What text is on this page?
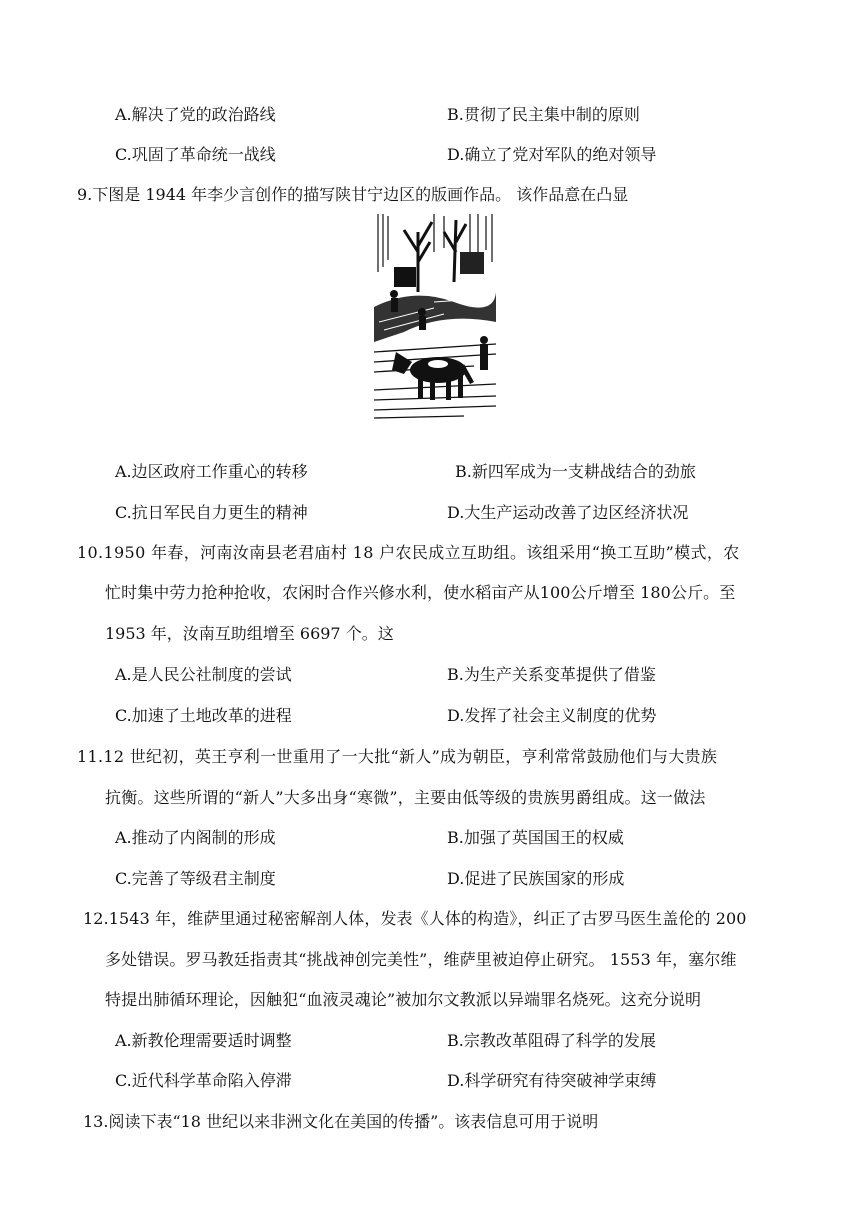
A.解决了党的政治路线	B.贯彻了民主集中制的原则
C.巩固了革命统一战线	D.确立了党对军队的绝对领导
9.下图是 1944 年李少言创作的描写陕甘宁边区的版画作品。 该作品意在凸显
A.边区政府工作重心的转移	B.新四军成为一支耕战结合的劲旅
C.抗日军民自力更生的精神	D.大生产运动改善了边区经济状况
10.1950 年春，河南汝南县老君庙村 18 户农民成立互助组。该组采用“换工互助”模式，农
忙时集中劳力抢种抢收，农闲时合作兴修水利，使水稻亩产从100公斤增至 180公斤。至
1953 年，汝南互助组增至 6697 个。这
A.是人民公社制度的尝试	B.为生产关系变革提供了借鉴
C.加速了土地改革的进程	D.发挥了社会主义制度的优势
11.12 世纪初，英王亨利一世重用了一大批“新人”成为朝臣，亨利常常鼓励他们与大贵族
抗衡。这些所谓的“新人”大多出身“寒微”，主要由低等级的贵族男爵组成。这一做法
A.推动了内阁制的形成	B.加强了英国国王的权威
C.完善了等级君主制度	D.促进了民族国家的形成
12.1543 年，维萨里通过秘密解剖人体，发表《人体的构造》，纠正了古罗马医生盖伦的 200
多处错误。罗马教廷指责其“挑战神创完美性”，维萨里被迫停止研究。 1553 年，塞尔维
特提出肺循环理论，因触犯“血液灵魂论”被加尔文教派以异端罪名烧死。这充分说明
A.新教伦理需要适时调整	B.宗教改革阻碍了科学的发展
C.近代科学革命陷入停滞	D.科学研究有待突破神学束缚
13.阅读下表“18 世纪以来非洲文化在美国的传播”。该表信息可用于说明
